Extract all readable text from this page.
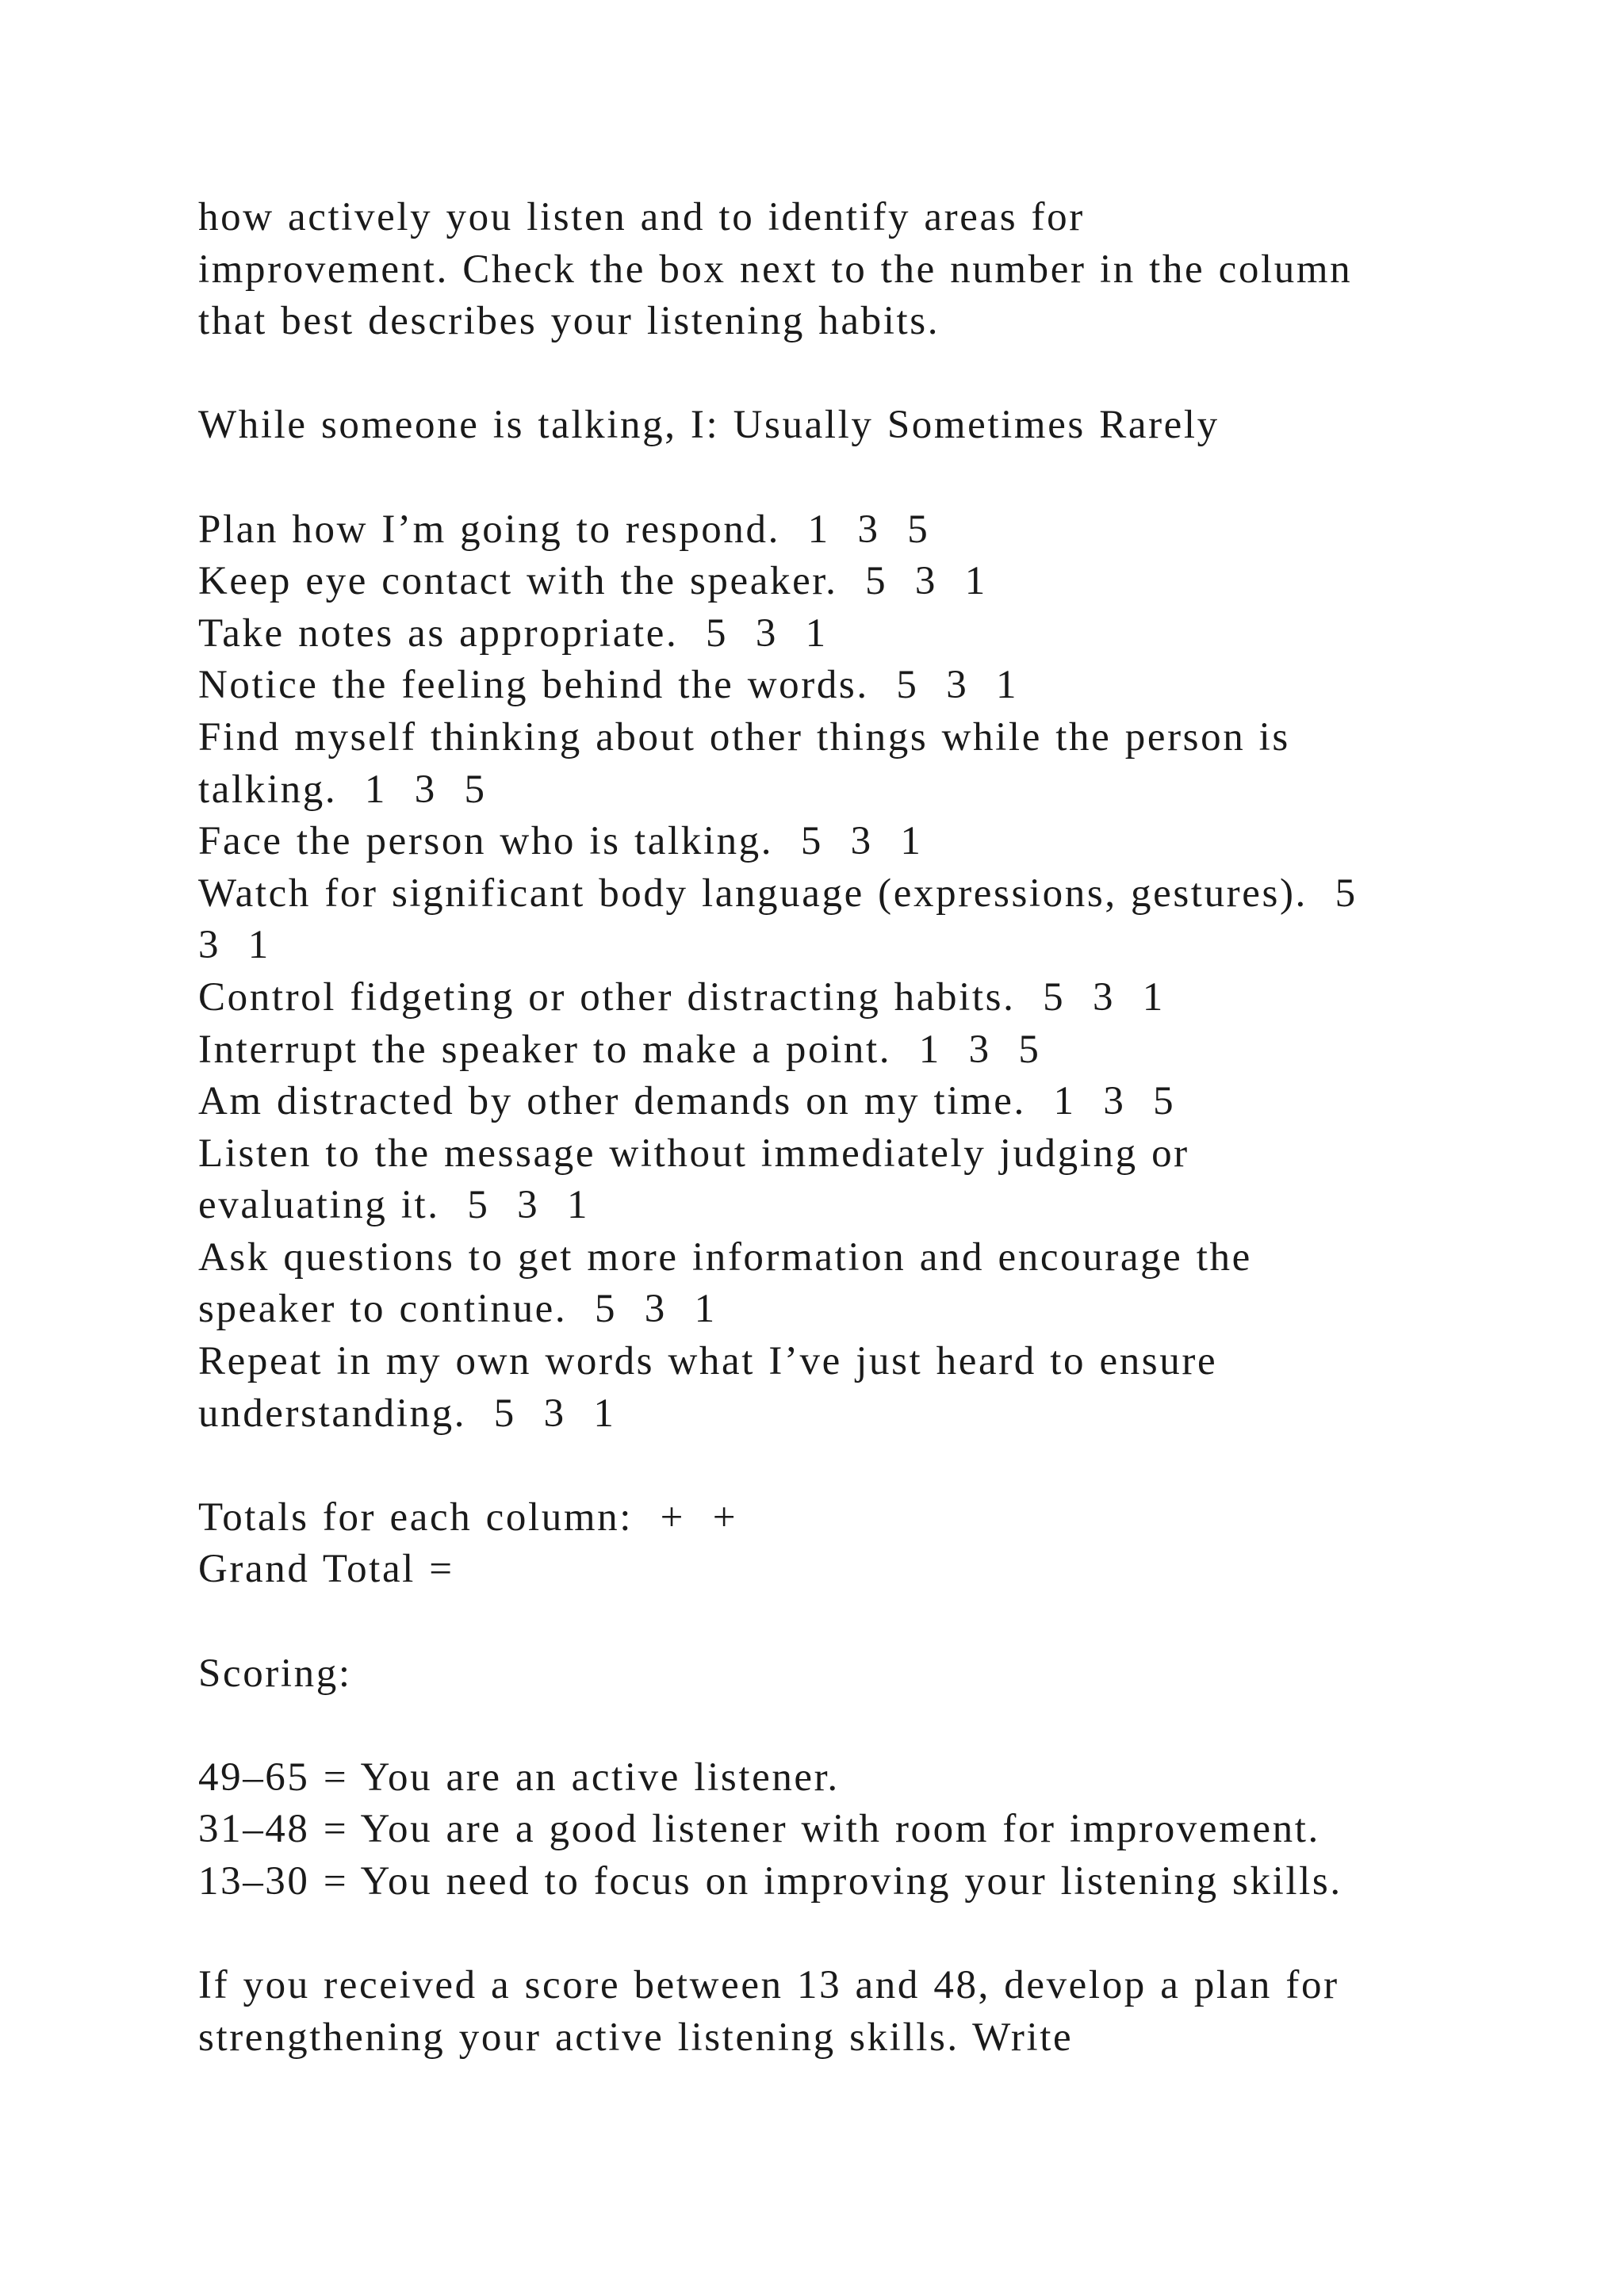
how actively you listen and to identify areas for
improvement. Check the box next to the number in the column
that best describes your listening habits.
While someone is talking, I: Usually Sometimes Rarely
Plan how I’m going to respond.  1  3  5
Keep eye contact with the speaker.  5  3  1
Take notes as appropriate.  5  3  1
Notice the feeling behind the words.  5  3  1
Find myself thinking about other things while the person is
talking.  1  3  5
Face the person who is talking.  5  3  1
Watch for significant body language (expressions, gestures).  5
3  1
Control fidgeting or other distracting habits.  5  3  1
Interrupt the speaker to make a point.  1  3  5
Am distracted by other demands on my time.  1  3  5
Listen to the message without immediately judging or
evaluating it.  5  3  1
Ask questions to get more information and encourage the
speaker to continue.  5  3  1
Repeat in my own words what I’ve just heard to ensure
understanding.  5  3  1
Totals for each column:  +  +
Grand Total =
Scoring:
49–65 = You are an active listener.
31–48 = You are a good listener with room for improvement.
13–30 = You need to focus on improving your listening skills.
If you received a score between 13 and 48, develop a plan for
strengthening your active listening skills. Write
